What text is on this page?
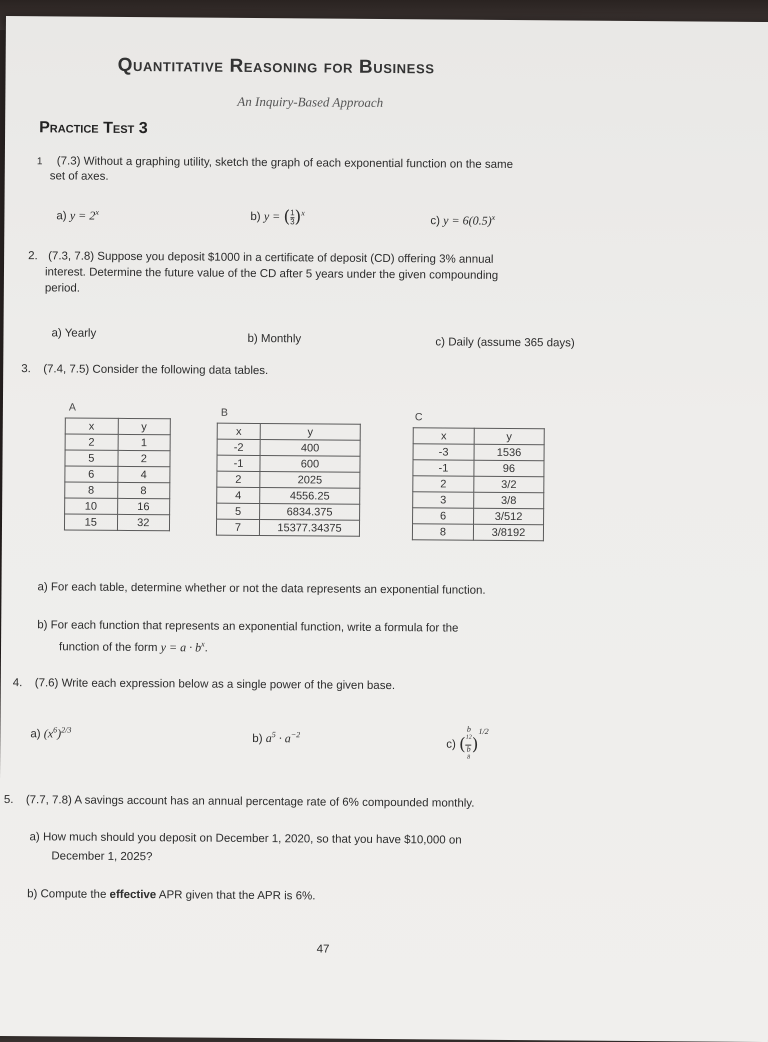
Quantitative Reasoning for Business
An Inquiry-Based Approach
Practice Test 3
1 (7.3) Without a graphing utility, sketch the graph of each exponential function on the same
set of axes.
a) $y = 2^x$	b) y = ( $\frac{1}{3} )^x$
c) $y = 6(0.5)^x$
2. (7.3, 7.8) Suppose you deposit $1000 in a certificate of deposit (CD) offering 3% annual
interest. Determine the future value of the CD after 5 years under the given compounding
period.
a) Yearly	b) Monthly	c) Daily (assume 365 days)
3. (7.4, 7.5) Consider the following data tables.
A
x	y
2	1
5	2
6	4
8	8
10	16
15	32
B
x	y
-2	400
-1	600
2	2025
4	4556.25
5	6834.375
7	15377.34375
C
x	y
-3	1536
-1	96
2	3/2
3	3/8
6	3/512
8	3/8192
a) For each table, determine whether or not the data represents an exponential function.
b) For each function that represents an exponential function, write a formula for the
function of the form $y = a \cdot b^x$.
4. (7.6) Write each expression below as a single power of the given base.
a) $(x^6)^{2/3}$
b) $a^5 \cdot a^{-2}$
c) ( b
$^{12}$
b
$^8$ )$^{1/2}$
5. (7.7, 7.8) A savings account has an annual percentage rate of 6% compounded monthly.
a) How much should you deposit on December 1, 2020, so that you have $10,000 on
December 1, 2025?
b) Compute the effective APR given that the APR is 6%.
47
